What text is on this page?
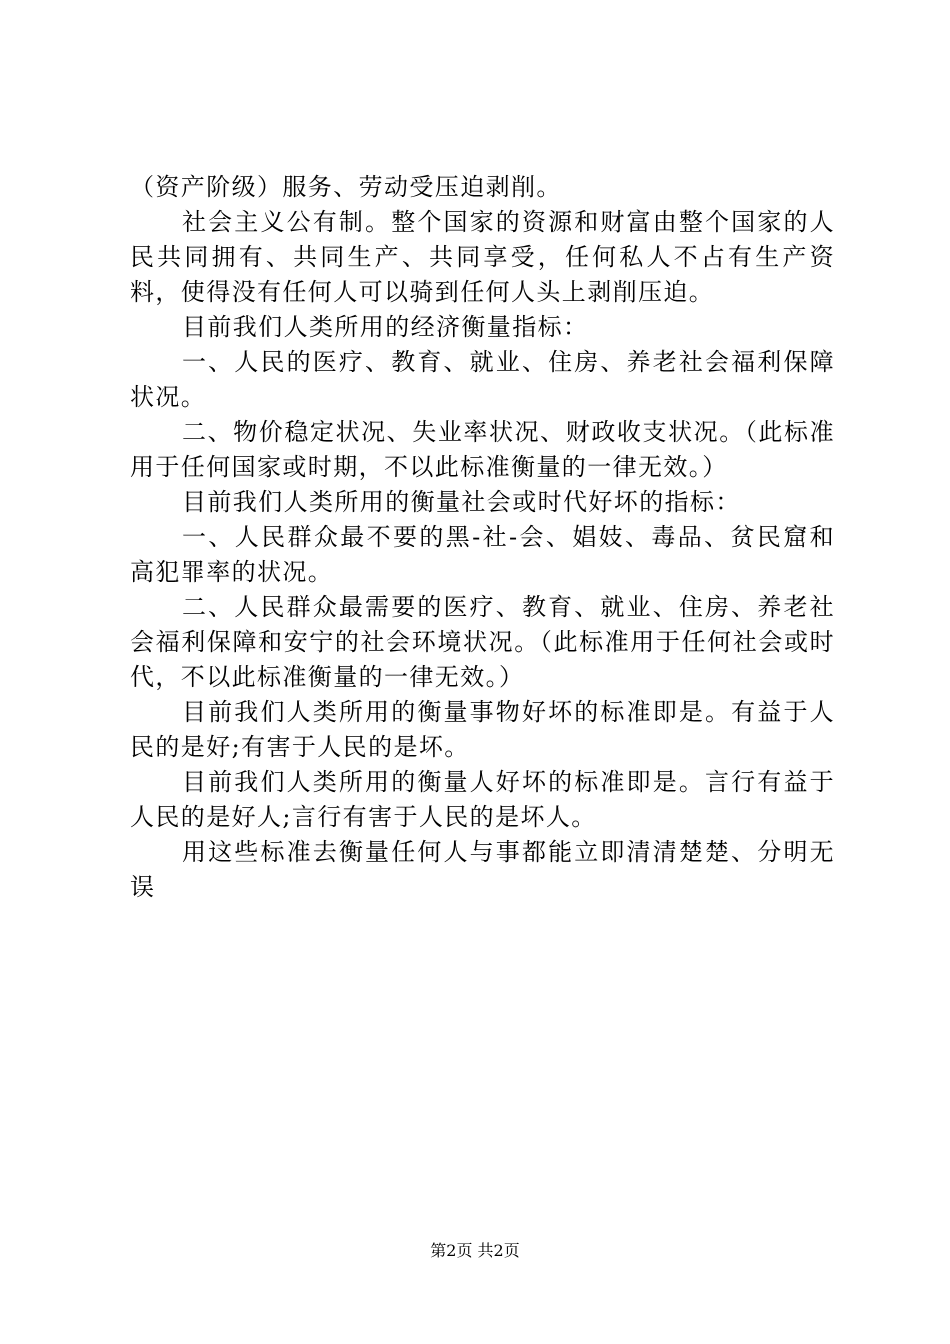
（资产阶级）服务、劳动受压迫剥削。

社会主义公有制。整个国家的资源和财富由整个国家的人民共同拥有、共同生产、共同享受，任何私人不占有生产资料，使得没有任何人可以骑到任何人头上剥削压迫。

目前我们人类所用的经济衡量指标：

一、人民的医疗、教育、就业、住房、养老社会福利保障状况。

二、物价稳定状况、失业率状况、财政收支状况。（此标准用于任何国家或时期，不以此标准衡量的一律无效。）

目前我们人类所用的衡量社会或时代好坏的指标：

一、人民群众最不要的黑-社-会、娼妓、毒品、贫民窟和高犯罪率的状况。

二、人民群众最需要的医疗、教育、就业、住房、养老社会福利保障和安宁的社会环境状况。（此标准用于任何社会或时代，不以此标准衡量的一律无效。）

目前我们人类所用的衡量事物好坏的标准即是。有益于人民的是好;有害于人民的是坏。

目前我们人类所用的衡量人好坏的标准即是。言行有益于人民的是好人;言行有害于人民的是坏人。

用这些标准去衡量任何人与事都能立即清清楚楚、分明无误

第2页 共2页
